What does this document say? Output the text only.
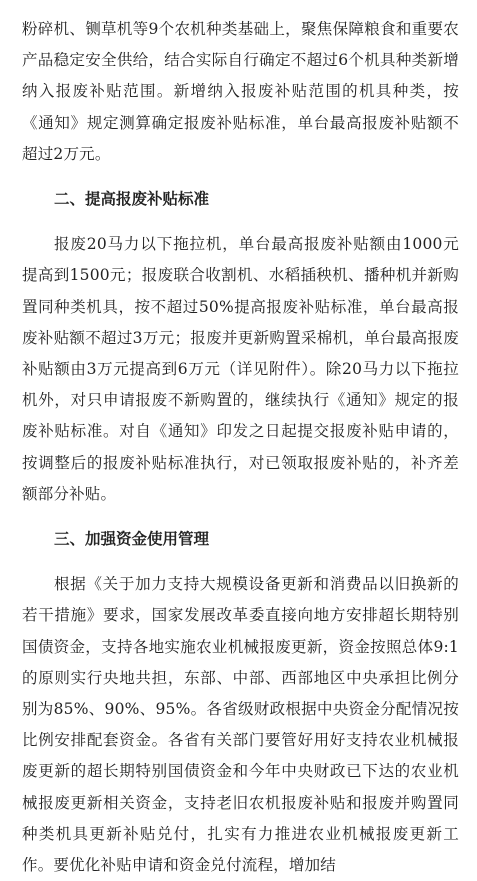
粉碎机、铡草机等9个农机种类基础上，聚焦保障粮食和重要农产品稳定安全供给，结合实际自行确定不超过6个机具种类新增纳入报废补贴范围。新增纳入报废补贴范围的机具种类，按《通知》规定测算确定报废补贴标准，单台最高报废补贴额不超过2万元。

二、提高报废补贴标准

报废20马力以下拖拉机，单台最高报废补贴额由1000元提高到1500元；报废联合收割机、水稻插秧机、播种机并新购置同种类机具，按不超过50%提高报废补贴标准，单台最高报废补贴额不超过3万元；报废并更新购置采棉机，单台最高报废补贴额由3万元提高到6万元（详见附件）。除20马力以下拖拉机外，对只申请报废不新购置的，继续执行《通知》规定的报废补贴标准。对自《通知》印发之日起提交报废补贴申请的，按调整后的报废补贴标准执行，对已领取报废补贴的，补齐差额部分补贴。

三、加强资金使用管理

根据《关于加力支持大规模设备更新和消费品以旧换新的若干措施》要求，国家发展改革委直接向地方安排超长期特别国债资金，支持各地实施农业机械报废更新，资金按照总体9:1的原则实行央地共担，东部、中部、西部地区中央承担比例分别为85%、90%、95%。各省级财政根据中央资金分配情况按比例安排配套资金。各省有关部门要管好用好支持农业机械报废更新的超长期特别国债资金和今年中央财政已下达的农业机械报废更新相关资金，支持老旧农机报废补贴和报废并购置同种类机具更新补贴兑付，扎实有力推进农业机械报废更新工作。要优化补贴申请和资金兑付流程，增加结
